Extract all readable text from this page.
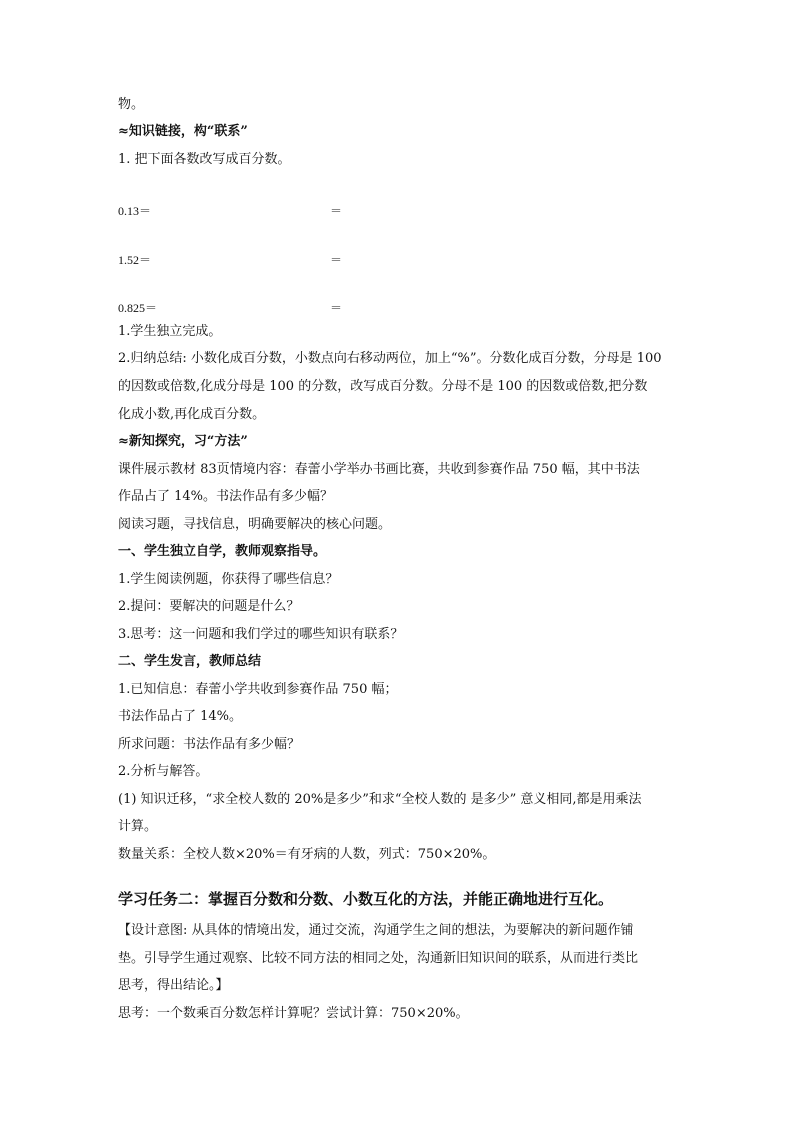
物。
≈知识链接，构“联系”
1. 把下面各数改写成百分数。
0.13＝	＝
1.52＝	＝
0.825＝	＝
1.学生独立完成。
2.归纳总结: 小数化成百分数，小数点向右移动两位，加上“%”。分数化成百分数，分母是 100
的因数或倍数,化成分母是 100 的分数，改写成百分数。分母不是 100 的因数或倍数,把分数
化成小数,再化成百分数。
≈新知探究，习“方法”
课件展示教材 83页情境内容：春蕾小学举办书画比赛，共收到参赛作品 750 幅，其中书法
作品占了 14%。书法作品有多少幅？
阅读习题，寻找信息，明确要解决的核心问题。
一、学生独立自学，教师观察指导。
1.学生阅读例题，你获得了哪些信息？
2.提问：要解决的问题是什么？
3.思考：这一问题和我们学过的哪些知识有联系？
二、学生发言，教师总结
1.已知信息：春蕾小学共收到参赛作品 750 幅；
书法作品占了 14%。
所求问题：书法作品有多少幅？
2.分析与解答。
(1) 知识迁移，“求全校人数的 20%是多少”和求“全校人数的 是多少” 意义相同,都是用乘法
计算。
数量关系：全校人数×20%＝有牙病的人数，列式：750×20%。
学习任务二：掌握百分数和分数、小数互化的方法，并能正确地进行互化。
【设计意图: 从具体的情境出发，通过交流，沟通学生之间的想法，为要解决的新问题作铺
垫。引导学生通过观察、比较不同方法的相同之处，沟通新旧知识间的联系，从而进行类比
思考，得出结论。】
思考：一个数乘百分数怎样计算呢？尝试计算：750×20%。
